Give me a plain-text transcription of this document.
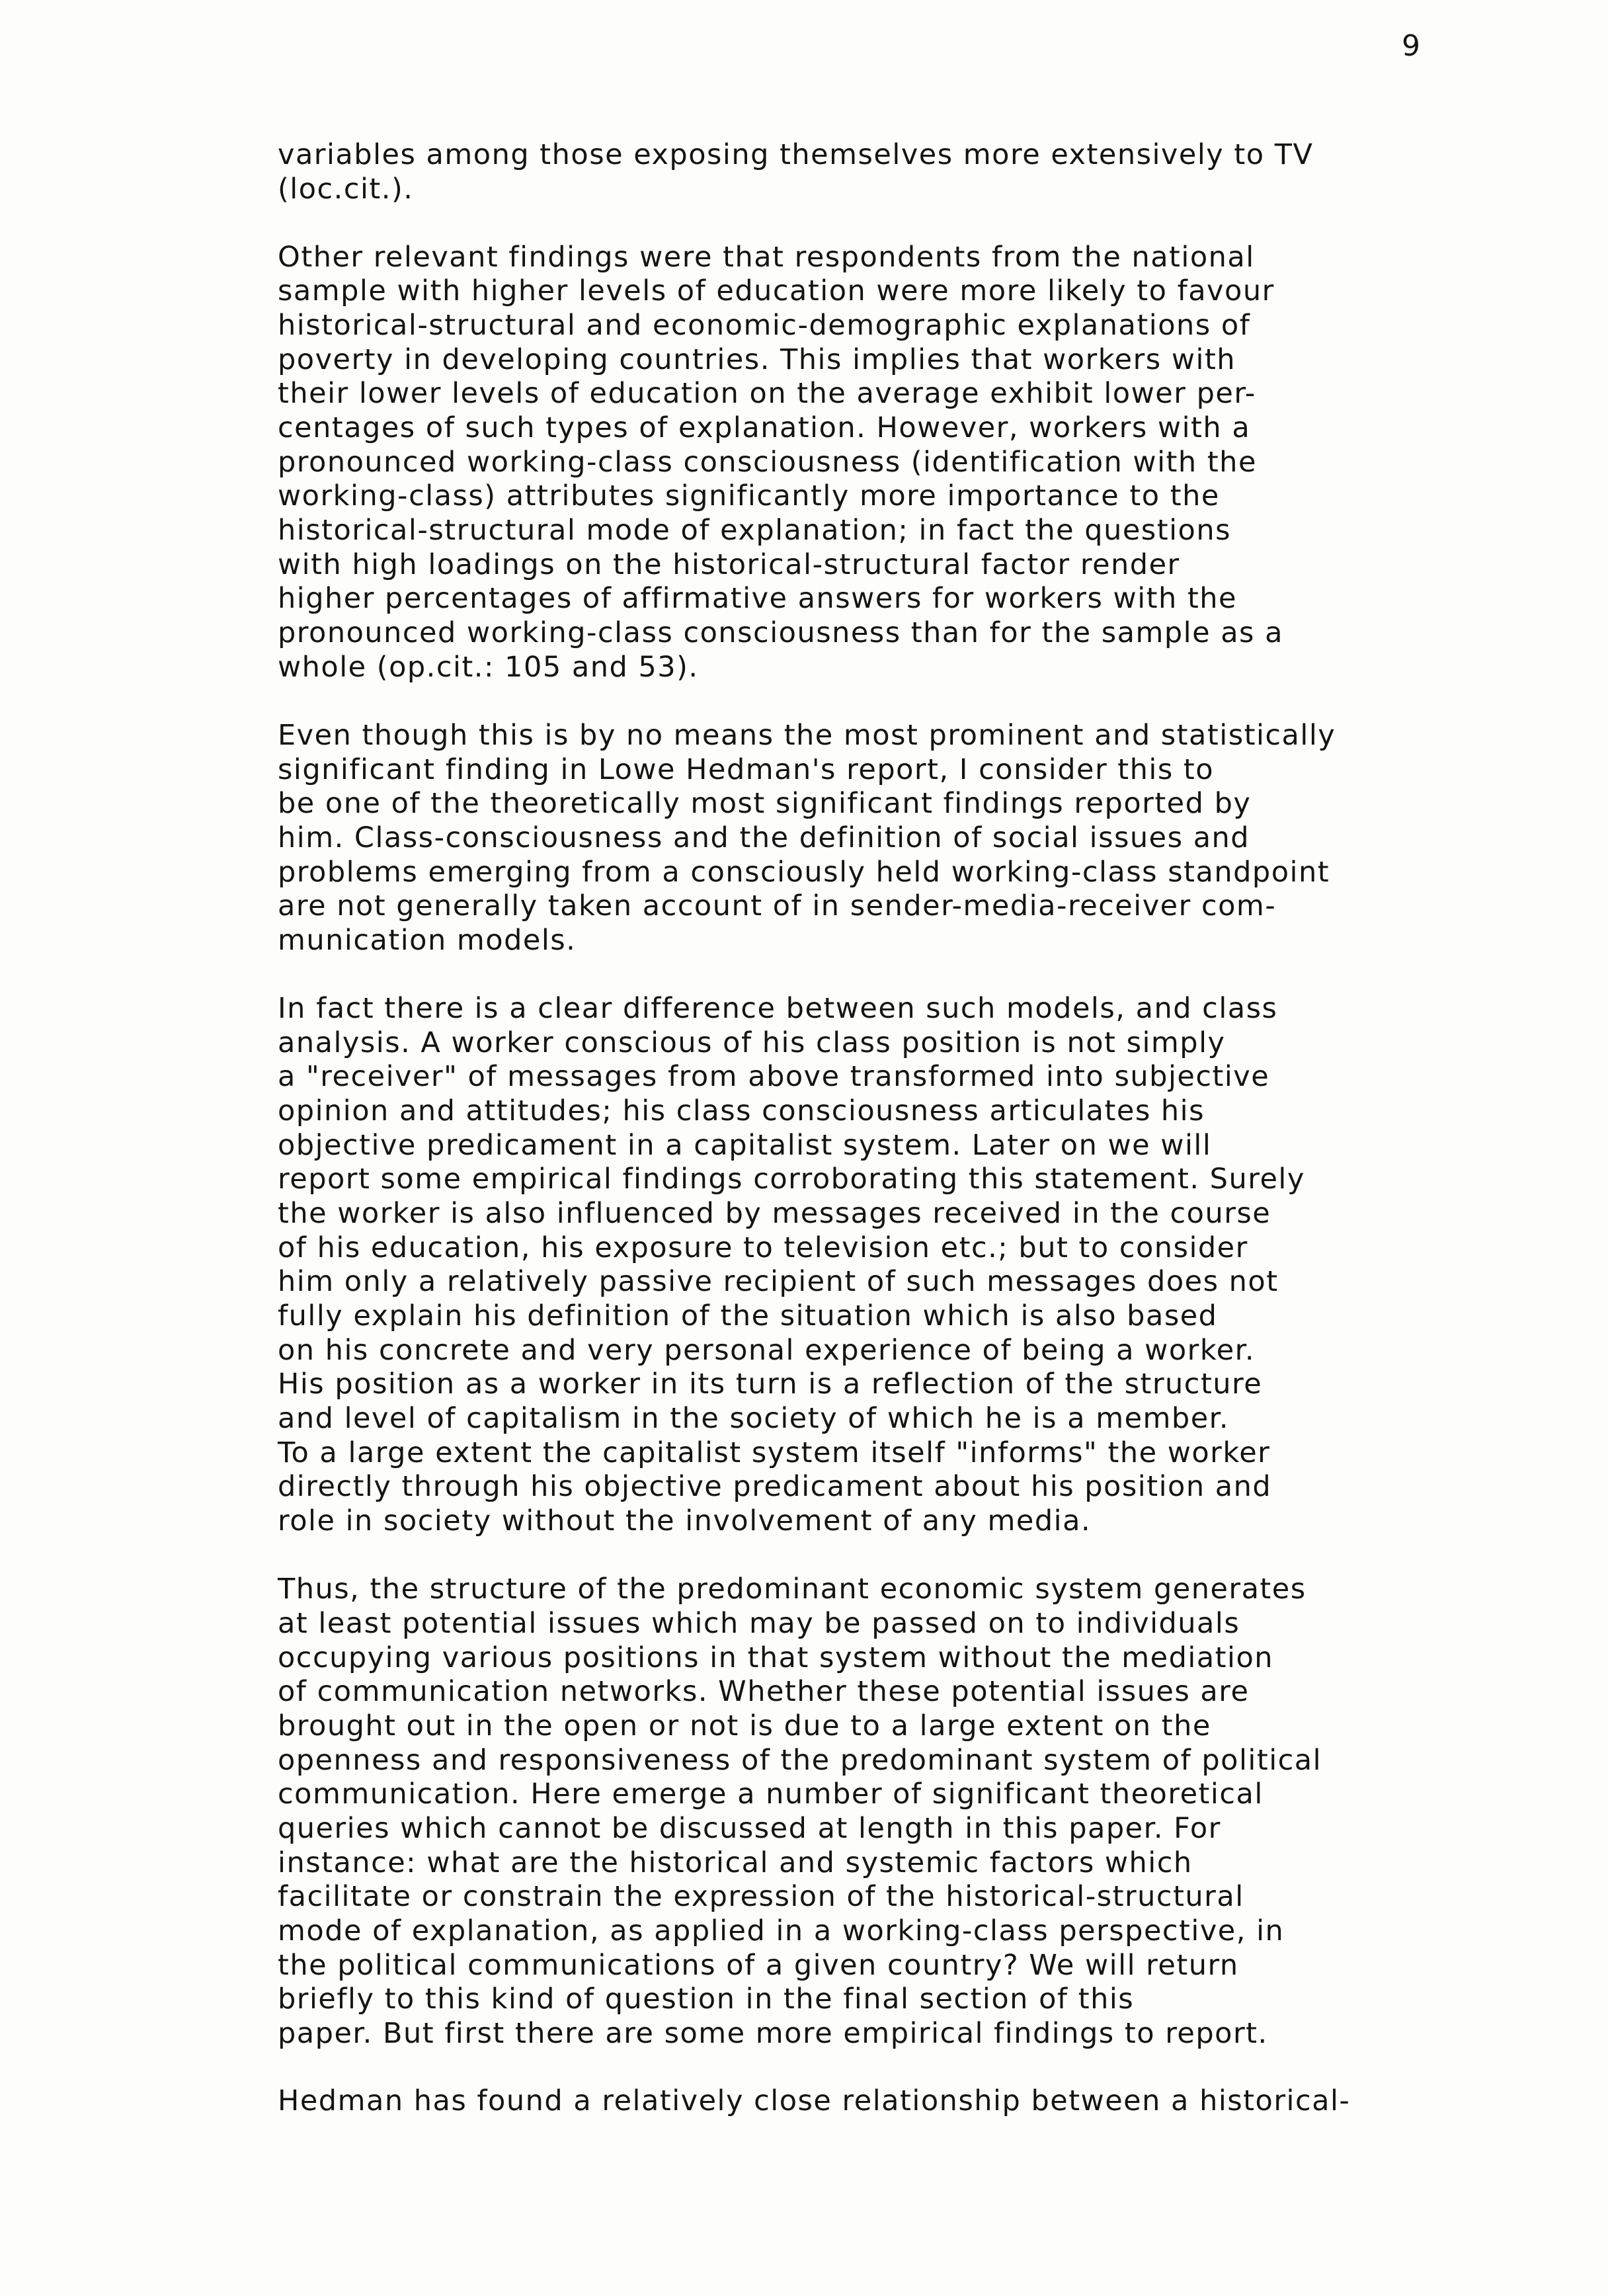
9
variables among those exposing themselves more extensively to TV
(loc.cit.).
Other relevant findings were that respondents from the national
sample with higher levels of education were more likely to favour
historical-structural and economic-demographic explanations of
poverty in developing countries. This implies that workers with
their lower levels of education on the average exhibit lower per-
centages of such types of explanation. However, workers with a
pronounced working-class consciousness (identification with the
working-class) attributes significantly more importance to the
historical-structural mode of explanation; in fact the questions
with high loadings on the historical-structural factor render
higher percentages of affirmative answers for workers with the
pronounced working-class consciousness than for the sample as a
whole (op.cit.: 105 and 53).
Even though this is by no means the most prominent and statistically
significant finding in Lowe Hedman's report, I consider this to
be one of the theoretically most significant findings reported by
him. Class-consciousness and the definition of social issues and
problems emerging from a consciously held working-class standpoint
are not generally taken account of in sender-media-receiver com-
munication models.
In fact there is a clear difference between such models, and class
analysis. A worker conscious of his class position is not simply
a "receiver" of messages from above transformed into subjective
opinion and attitudes; his class consciousness articulates his
objective predicament in a capitalist system. Later on we will
report some empirical findings corroborating this statement. Surely
the worker is also influenced by messages received in the course
of his education, his exposure to television etc.; but to consider
him only a relatively passive recipient of such messages does not
fully explain his definition of the situation which is also based
on his concrete and very personal experience of being a worker.
His position as a worker in its turn is a reflection of the structure
and level of capitalism in the society of which he is a member.
To a large extent the capitalist system itself "informs" the worker
directly through his objective predicament about his position and
role in society without the involvement of any media.
Thus, the structure of the predominant economic system generates
at least potential issues which may be passed on to individuals
occupying various positions in that system without the mediation
of communication networks. Whether these potential issues are
brought out in the open or not is due to a large extent on the
openness and responsiveness of the predominant system of political
communication. Here emerge a number of significant theoretical
queries which cannot be discussed at length in this paper. For
instance: what are the historical and systemic factors which
facilitate or constrain the expression of the historical-structural
mode of explanation, as applied in a working-class perspective, in
the political communications of a given country? We will return
briefly to this kind of question in the final section of this
paper. But first there are some more empirical findings to report.
Hedman has found a relatively close relationship between a historical-
